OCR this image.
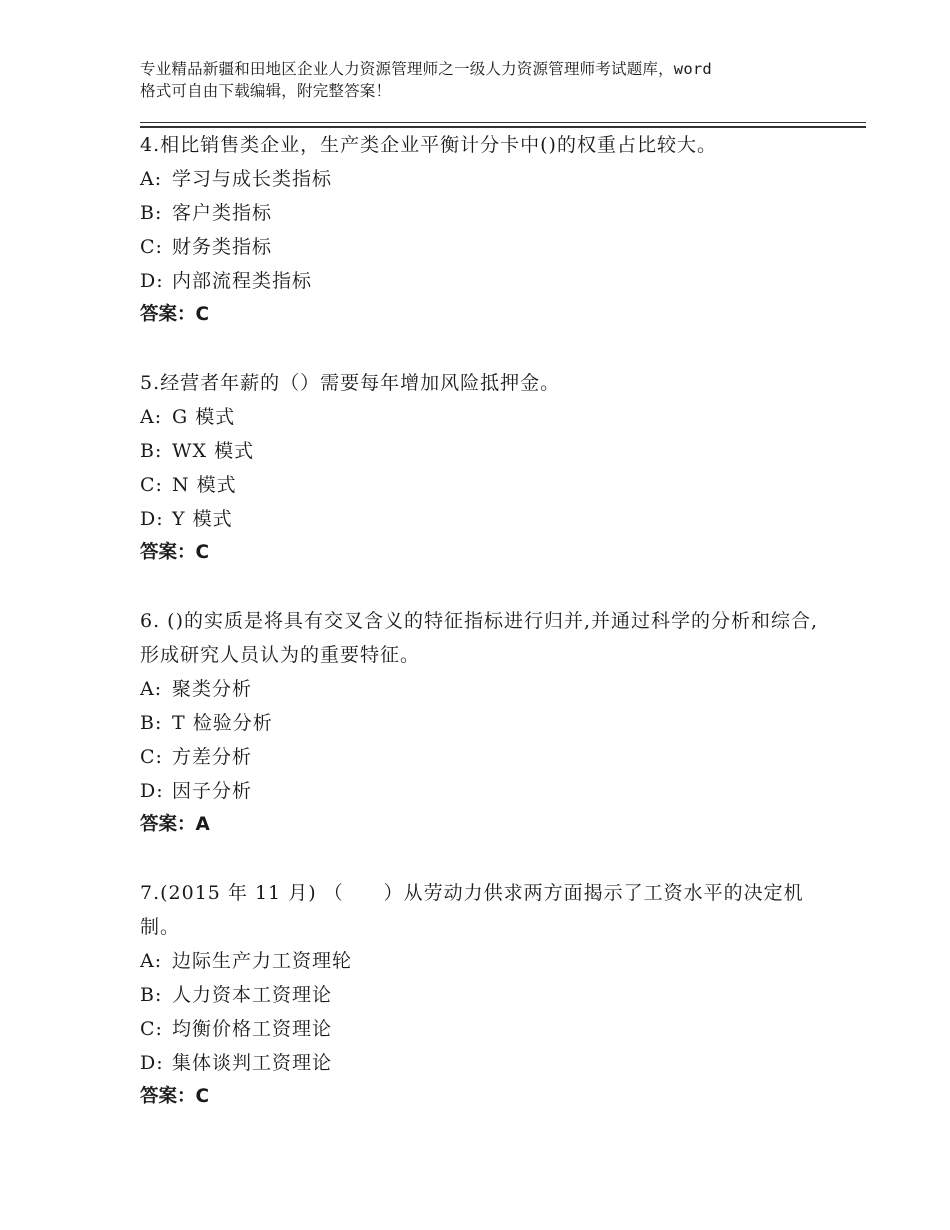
专业精品新疆和田地区企业人力资源管理师之一级人力资源管理师考试题库，word
格式可自由下载编辑，附完整答案！

4.相比销售类企业，生产类企业平衡计分卡中()的权重占比较大。

A: 学习与成长类指标

B: 客户类指标

C: 财务类指标

D: 内部流程类指标

答案：C

5.经营者年薪的（）需要每年增加风险抵押金。

A: G 模式

B: WX 模式

C: N 模式

D: Y 模式

答案：C

6. ()的实质是将具有交叉含义的特征指标进行归并,并通过科学的分析和综合,形成研究人员认为的重要特征。

A: 聚类分析

B: T 检验分析

C: 方差分析

D: 因子分析

答案：A

7.(2015 年 11 月) （　　）从劳动力供求两方面揭示了工资水平的决定机制。

A: 边际生产力工资理轮

B: 人力资本工资理论

C: 均衡价格工资理论

D: 集体谈判工资理论

答案：C
